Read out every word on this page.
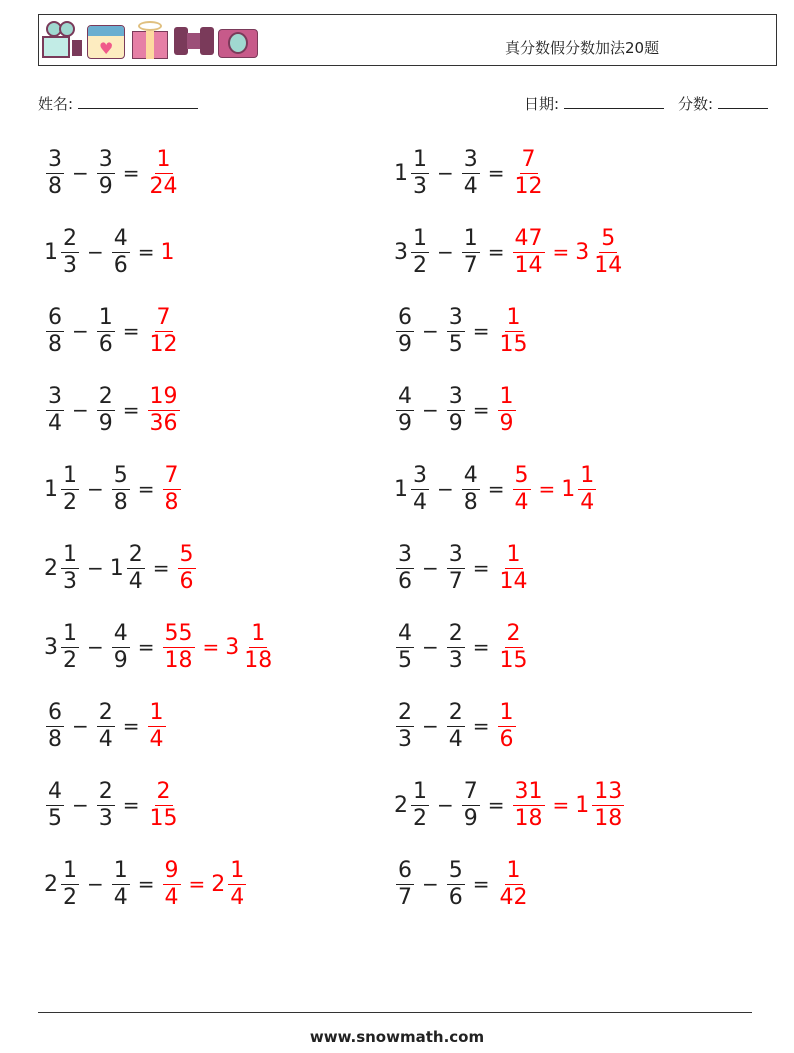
♥	真分数假分数加法20题
姓名:	日期:	分数:
$\frac{3}{8} - \frac{3}{9} = \frac{1}{24}$
$1 \frac{2}{3} - \frac{4}{6} = 1$
$\frac{6}{8} - \frac{1}{6} = \frac{7}{12}$
$\frac{3}{4} - \frac{2}{9} = \frac{19}{36}$
$1 \frac{1}{2} - \frac{5}{8} = \frac{7}{8}$
$2 \frac{1}{3} - 1 \frac{2}{4} = \frac{5}{6}$
$3 \frac{1}{2} - \frac{4}{9} = \frac{55}{18} = 3 \frac{1}{18}$
$\frac{6}{8} - \frac{2}{4} = \frac{1}{4}$
$\frac{4}{5} - \frac{2}{3} = \frac{2}{15}$
$2 \frac{1}{2} - \frac{1}{4} = \frac{9}{4} = 2 \frac{1}{4}$
$1 \frac{1}{3} - \frac{3}{4} = \frac{7}{12}$
$3 \frac{1}{2} - \frac{1}{7} = \frac{47}{14} = 3 \frac{5}{14}$
$\frac{6}{9} - \frac{3}{5} = \frac{1}{15}$
$\frac{4}{9} - \frac{3}{9} = \frac{1}{9}$
$1 \frac{3}{4} - \frac{4}{8} = \frac{5}{4} = 1 \frac{1}{4}$
$\frac{3}{6} - \frac{3}{7} = \frac{1}{14}$
$\frac{4}{5} - \frac{2}{3} = \frac{2}{15}$
$\frac{2}{3} - \frac{2}{4} = \frac{1}{6}$
$2 \frac{1}{2} - \frac{7}{9} = \frac{31}{18} = 1 \frac{13}{18}$
$\frac{6}{7} - \frac{5}{6} = \frac{1}{42}$
www.snowmath.com
